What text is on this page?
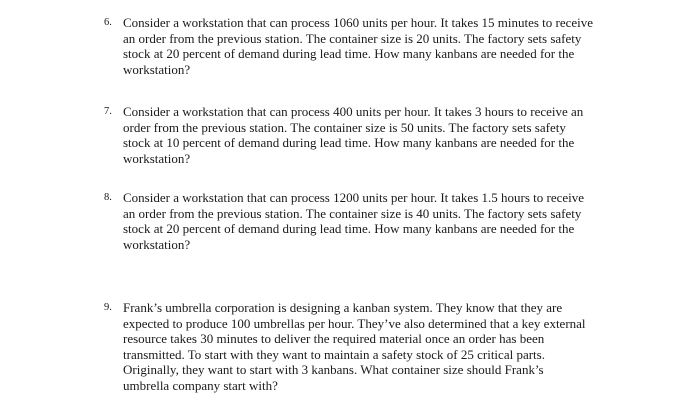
6. Consider a workstation that can process 1060 units per hour. It takes 15 minutes to receive
an order from the previous station. The container size is 20 units. The factory sets safety
stock at 20 percent of demand during lead time. How many kanbans are needed for the
workstation?
7. Consider a workstation that can process 400 units per hour. It takes 3 hours to receive an
order from the previous station. The container size is 50 units. The factory sets safety
stock at 10 percent of demand during lead time. How many kanbans are needed for the
workstation?
8. Consider a workstation that can process 1200 units per hour. It takes 1.5 hours to receive
an order from the previous station. The container size is 40 units. The factory sets safety
stock at 20 percent of demand during lead time. How many kanbans are needed for the
workstation?
9. Frank’s umbrella corporation is designing a kanban system. They know that they are
expected to produce 100 umbrellas per hour. They’ve also determined that a key external
resource takes 30 minutes to deliver the required material once an order has been
transmitted. To start with they want to maintain a safety stock of 25 critical parts.
Originally, they want to start with 3 kanbans. What container size should Frank’s
umbrella company start with?
